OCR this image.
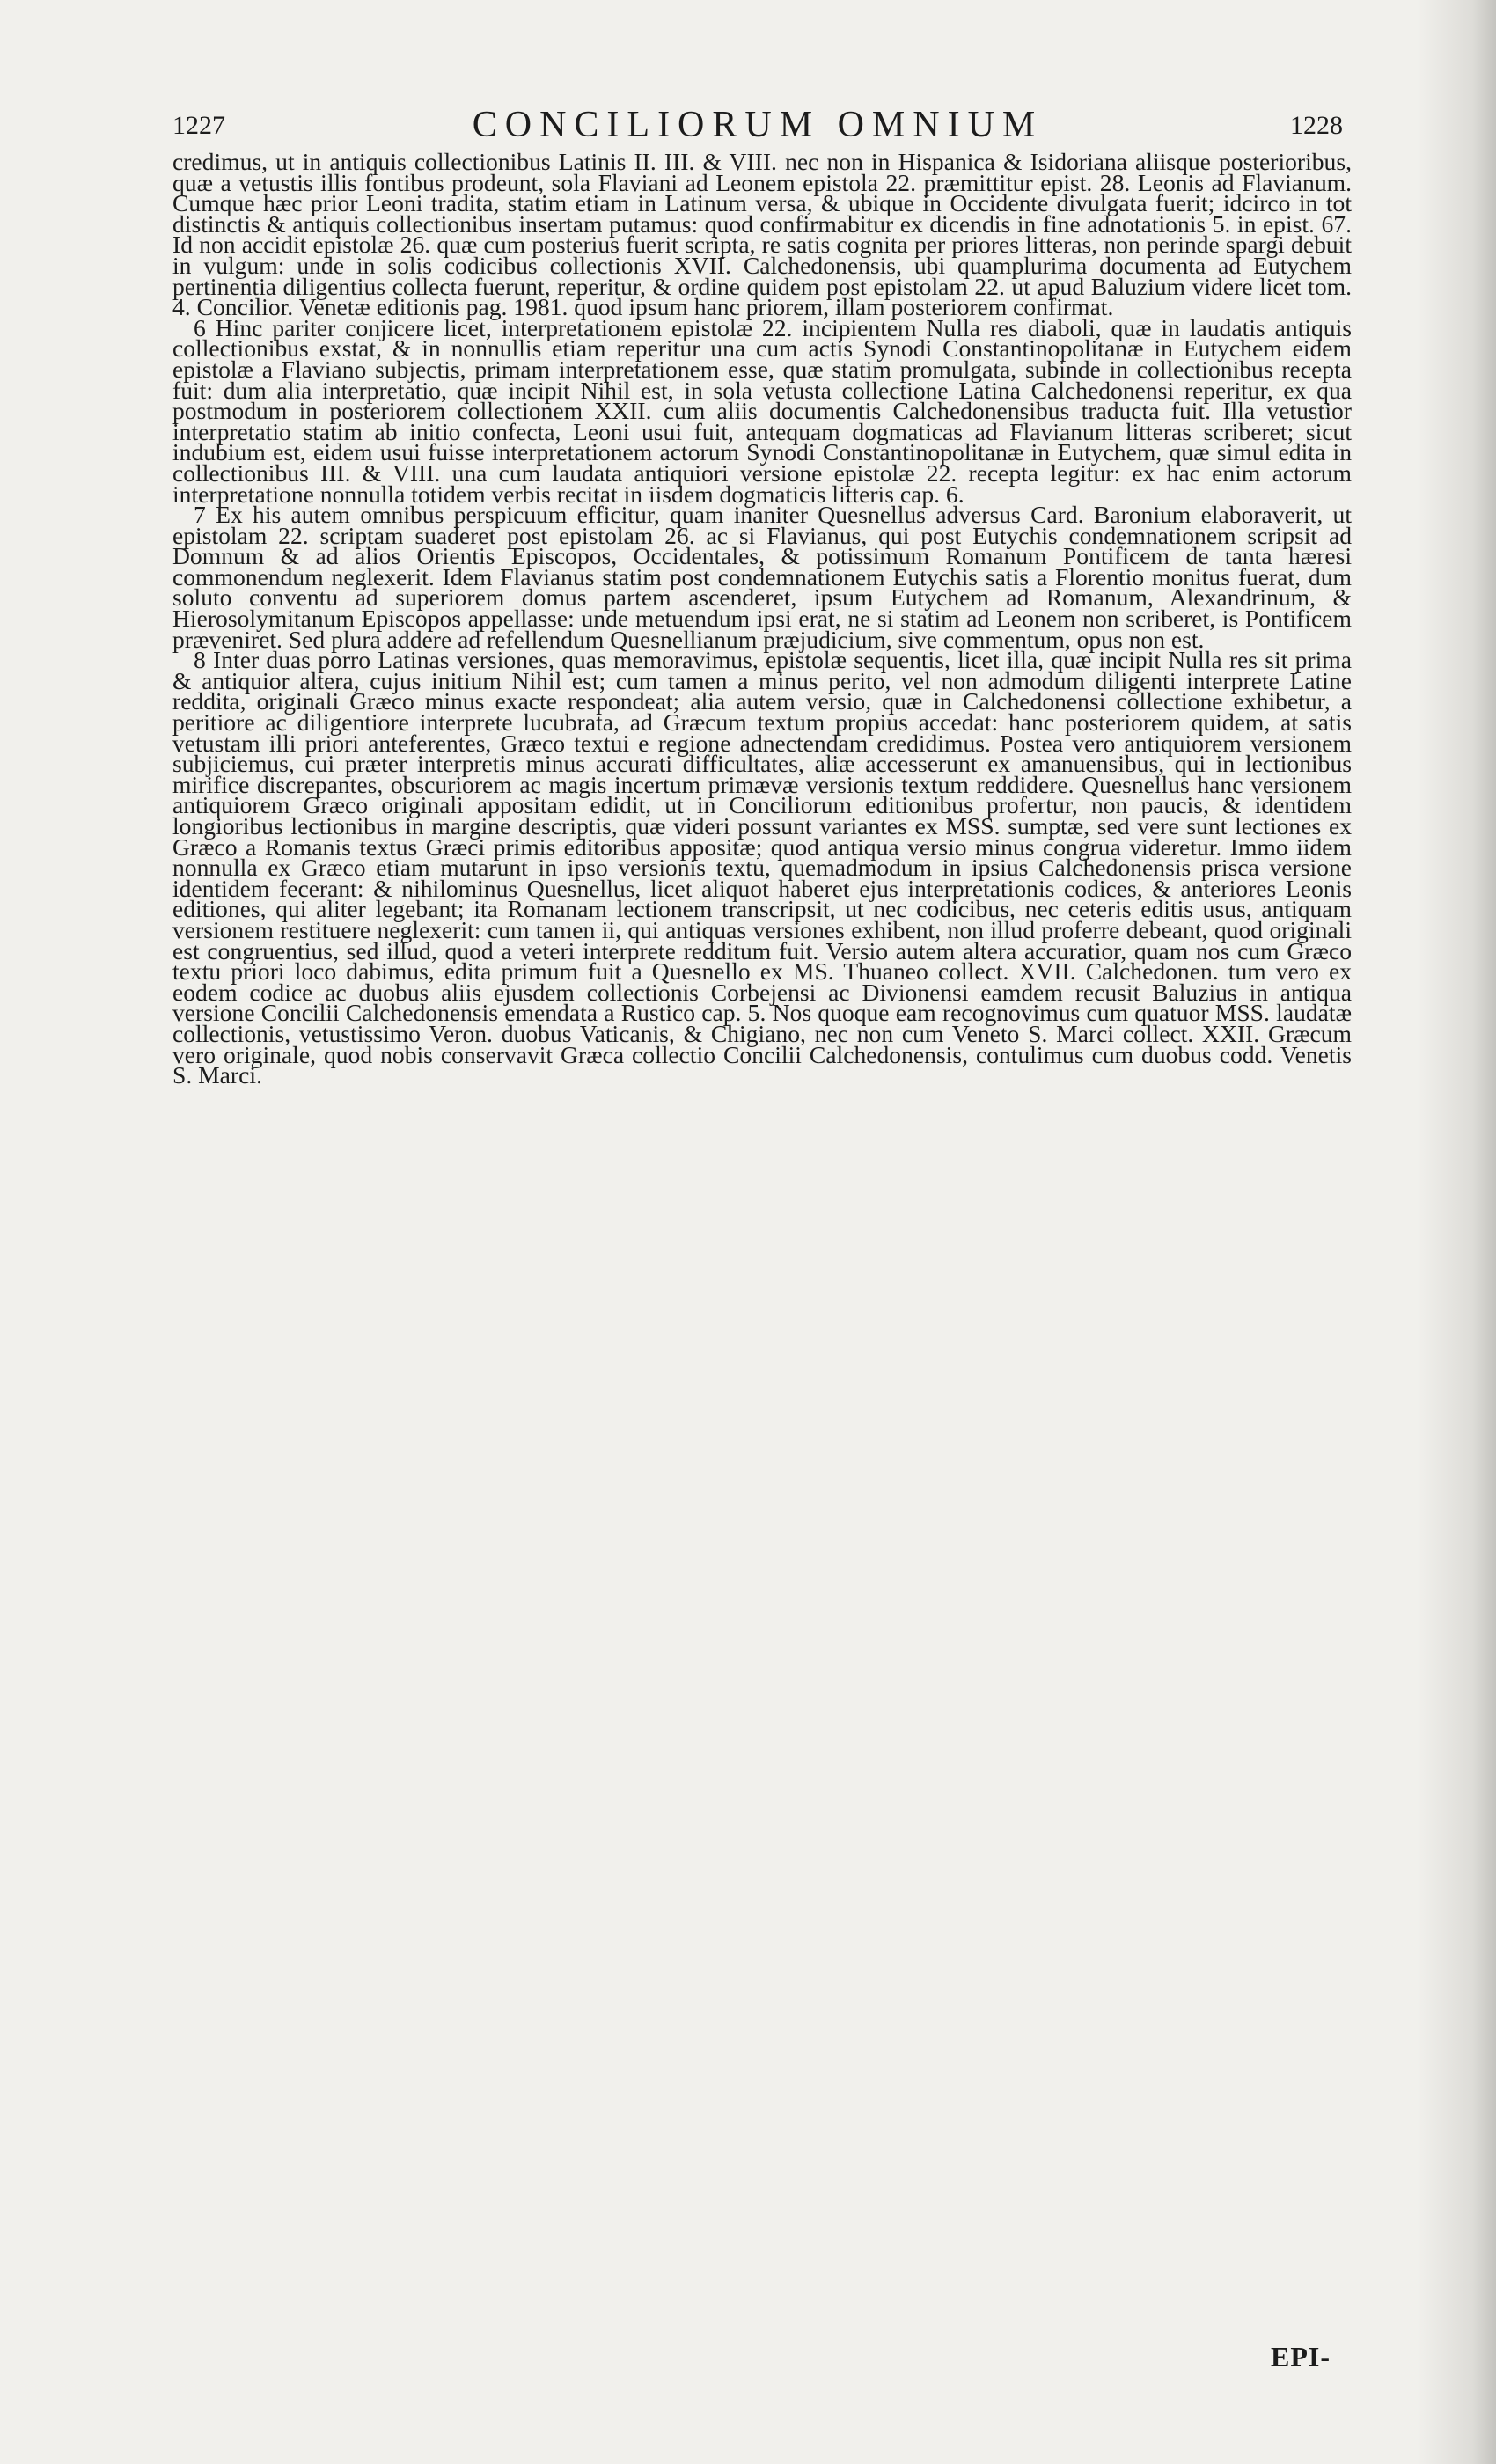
1227	CONCILIORUM OMNIUM	1228

credimus, ut in antiquis collectionibus Latinis II. III. & VIII. nec non in Hispanica & Isidoriana aliisque posterioribus, quæ a vetustis illis fontibus prodeunt, sola Flaviani ad Leonem epistola 22. præmittitur epist. 28. Leonis ad Flavianum. Cumque hæc prior Leoni tradita, statim etiam in Latinum versa, & ubique in Occidente divulgata fuerit; idcirco in tot distinctis & antiquis collectionibus insertam putamus: quod confirmabitur ex dicendis in fine adnotationis 5. in epist. 67. Id non accidit epistolæ 26. quæ cum posterius fuerit scripta, re satis cognita per priores litteras, non perinde spargi debuit in vulgum: unde in solis codicibus collectionis XVII. Calchedonensis, ubi quamplurima documenta ad Eutychem pertinentia diligentius collecta fuerunt, reperitur, & ordine quidem post epistolam 22. ut apud Baluzium videre licet tom. 4. Concilior. Venetæ editionis pag. 1981. quod ipsum hanc priorem, illam posteriorem confirmat.

6 Hinc pariter conjicere licet, interpretationem epistolæ 22. incipientem Nulla res diaboli, quæ in laudatis antiquis collectionibus exstat, & in nonnullis etiam reperitur una cum actis Synodi Constantinopolitanæ in Eutychem eidem epistolæ a Flaviano subjectis, primam interpretationem esse, quæ statim promulgata, subinde in collectionibus recepta fuit: dum alia interpretatio, quæ incipit Nihil est, in sola vetusta collectione Latina Calchedonensi reperitur, ex qua postmodum in posteriorem collectionem XXII. cum aliis documentis Calchedonensibus traducta fuit. Illa vetustior interpretatio statim ab initio confecta, Leoni usui fuit, antequam dogmaticas ad Flavianum litteras scriberet; sicut indubium est, eidem usui fuisse interpretationem actorum Synodi Constantinopolitanæ in Eutychem, quæ simul edita in collectionibus III. & VIII. una cum laudata antiquiori versione epistolæ 22. recepta legitur: ex hac enim actorum interpretatione nonnulla totidem verbis recitat in iisdem dogmaticis litteris cap. 6.

7 Ex his autem omnibus perspicuum efficitur, quam inaniter Quesnellus adversus Card. Baronium elaboraverit, ut epistolam 22. scriptam suaderet post epistolam 26. ac si Flavianus, qui post Eutychis condemnationem scripsit ad Domnum & ad alios Orientis Episcopos, Occidentales, & potissimum Romanum Pontificem de tanta hæresi commonendum neglexerit. Idem Flavianus statim post condemnationem Eutychis satis a Florentio monitus fuerat, dum soluto conventu ad superiorem domus partem ascenderet, ipsum Eutychem ad Romanum, Alexandrinum, & Hierosolymitanum Episcopos appellasse: unde metuendum ipsi erat, ne si statim ad Leonem non scriberet, is Pontificem præveniret. Sed plura addere ad refellendum Quesnellianum præjudicium, sive commentum, opus non est.

8 Inter duas porro Latinas versiones, quas memoravimus, epistolæ sequentis, licet illa, quæ incipit Nulla res sit prima & antiquior altera, cujus initium Nihil est; cum tamen a minus perito, vel non admodum diligenti interprete Latine reddita, originali Græco minus exacte respondeat; alia autem versio, quæ in Calchedonensi collectione exhibetur, a peritiore ac diligentiore interprete lucubrata, ad Græcum textum propius accedat: hanc posteriorem quidem, at satis vetustam illi priori anteferentes, Græco textui e regione adnectendam credidimus. Postea vero antiquiorem versionem subjiciemus, cui præter interpretis minus accurati difficultates, aliæ accesserunt ex amanuensibus, qui in lectionibus mirifice discrepantes, obscuriorem ac magis incertum primævæ versionis textum reddidere. Quesnellus hanc versionem antiquiorem Græco originali appositam edidit, ut in Conciliorum editionibus profertur, non paucis, & identidem longioribus lectionibus in margine descriptis, quæ videri possunt variantes ex MSS. sumptæ, sed vere sunt lectiones ex Græco a Romanis textus Græci primis editoribus appositæ; quod antiqua versio minus congrua videretur. Immo iidem nonnulla ex Græco etiam mutarunt in ipso versionis textu, quemadmodum in ipsius Calchedonensis prisca versione identidem fecerant: & nihilominus Quesnellus, licet aliquot haberet ejus interpretationis codices, & anteriores Leonis editiones, qui aliter legebant; ita Romanam lectionem transcripsit, ut nec codicibus, nec ceteris editis usus, antiquam versionem restituere neglexerit: cum tamen ii, qui antiquas versiones exhibent, non illud proferre debeant, quod originali est congruentius, sed illud, quod a veteri interprete redditum fuit. Versio autem altera accuratior, quam nos cum Græco textu priori loco dabimus, edita primum fuit a Quesnello ex MS. Thuaneo collect. XVII. Calchedonen. tum vero ex eodem codice ac duobus aliis ejusdem collectionis Corbejensi ac Divionensi eamdem recusit Baluzius in antiqua versione Concilii Calchedonensis emendata a Rustico cap. 5. Nos quoque eam recognovimus cum quatuor MSS. laudatæ collectionis, vetustissimo Veron. duobus Vaticanis, & Chigiano, nec non cum Veneto S. Marci collect. XXII. Græcum vero originale, quod nobis conservavit Græca collectio Concilii Calchedonensis, contulimus cum duobus codd. Venetis S. Marci.

EPI-
